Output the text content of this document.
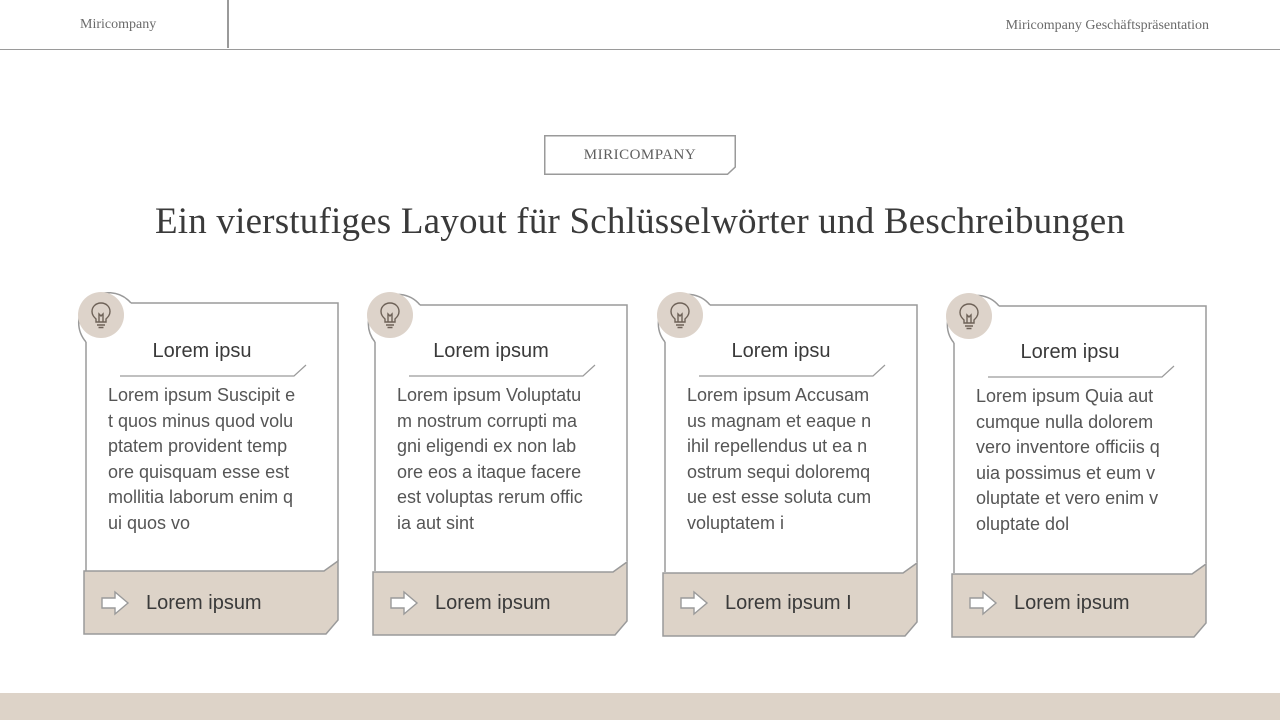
Miricompany	Miricompany Geschäftspräsentation
MIRICOMPANY
Ein vierstufiges Layout für Schlüsselwörter und Beschreibungen
Lorem ipsu
Lorem ipsum Suscipit et quos minus quod voluptatem provident tempore quisquam esse est mollitia laborum enim qui quos vo
Lorem ipsum
Lorem ipsum
Lorem ipsum Voluptatum nostrum corrupti magni eligendi ex non labore eos a itaque facere est voluptas rerum officia aut sint
Lorem ipsum
Lorem ipsu
Lorem ipsum Accusamus magnam et eaque nihil repellendus ut ea nostrum sequi doloremque est esse soluta cum voluptatem i
Lorem ipsum I
Lorem ipsu
Lorem ipsum Quia aut cumque nulla dolorem vero inventore officiis quia possimus et eum voluptate et vero enim voluptate dol
Lorem ipsum
